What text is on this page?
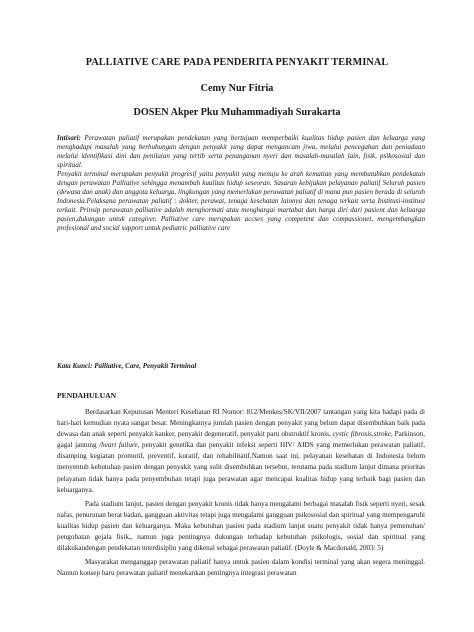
PALLIATIVE CARE PADA PENDERITA PENYAKIT TERMINAL
Cemy Nur Fitria
DOSEN Akper Pku Muhammadiyah Surakarta

Intisari: Perawatan paliatif merupakan pendekatan yang bertujuan memperbaiki kualitas hidup pasien dan keluarga yang menghadapi masalah yang berhubungan dengan penyakit yang dapat mengancam jiwa, melalui pencegahan dan peniadaan melalui identifikasi dini dan penilaian yang tertib serta penanganan nyeri dan masalah-masalah lain, fisik, psikososial dan spiritual.

Penyakit terminal merupakan penyakit progresif yaitu penyakit yang menuju ke arah kematian yang membutuhkan pendekatan dengan perawatan Palliative sehingga menambah kualitas hidup seseoran. Sasaran kebijakan pelayanan paliatif Seluruh pasien (dewasa dan anak) dan anggota keluarga, lingkungan yang memerlukan perawatan paliatif di mana pun pasien berada di seluruh Indonesia.Pelaksana perawatan paliatif : dokter, perawat, tenaga kesehatan lainnya dan tenaga terkait serta Institusi-institusi terkait. Prinsip perawatan palliative adalah menghormati atau menghargai martabat dan harga diri dari pasient dan keluarga pasien,dukungan untuk caregiver, Palliative care merupakan accses yang competent dan compassionet, mengembangkan profesional and social support untuk pediatric palliative care

Kata Kunci: Palliative, Care, Penyakit Terminal
PENDAHULUAN

Berdasarkan Keputusan Menteri Kesehatan RI Nomor: 812/Menkes/SK/VII/2007 tantangan yang kita hadapi pada di hari-hari kemudian nyata sangat besar. Meningkatnya jumlah pasien dengan penyakit yang belum dapat disembuhkan baik pada dewasa dan anak seperti penyakit kanker, penyakit degeneratif, penyakit paru obstruktif kronis, cystic fibrosis,stroke, Parkinson, gagal jantung /heart failure, penyakit genetika dan penyakit infeksi seperti HIV/ AIDS yang memerlukan perawatan paliatif, disamping kegiatan promotif, preventif, kuratif, dan rehabilitatif.Namun saat ini, pelayanan kesehatan di Indonesia belum menyentuh kebutuhan pasien dengan penyakit yang sulit disembuhkan tersebut, terutama pada stadium lanjut dimana prioritas pelayanan tidak hanya pada penyembuhan tetapi juga perawatan agar mencapai kualitas hidup yang terbaik bagi pasien dan keluarganya.

Pada stadium lanjut, pasien dengan penyakit kronis tidak hanya mengalami berbagai masalah fisik seperti nyeri, sesak nafas, penurunan berat badan, gangguan aktivitas tetapi juga mengalami gangguan psikososial dan spiritual yang mempengaruhi kualitas hidup pasien dan keluarganya. Maka kebutuhan pasien pada stadium lanjut suatu penyakit tidak hanya pemenuhan/ pengobatan gejala fisik,, namun juga pentingnya dukungan terhadap kebutuhan psikologis, sosial dan spiritual yang dilakukandengan pendekatan interdisiplin yang dikenal sebagai perawatan paliatif. (Doyle & Macdonald, 2003: 5)

Masyarakat menganggap perawatan paliatif hanya untuk pasien dalam kondisi terminal yang akan segera meninggal. Namun konsep baru perawatan paliatif menekankan pentingnya integrasi perawatan
